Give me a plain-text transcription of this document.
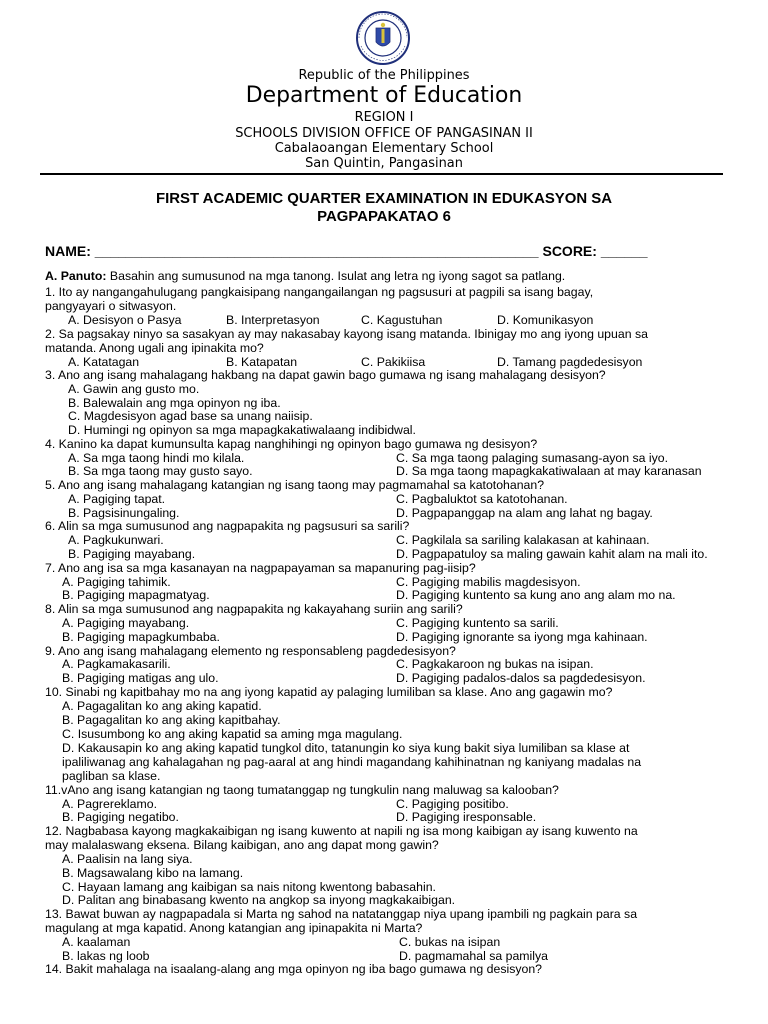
Republic of the Philippines
Department of Education
REGION I
SCHOOLS DIVISION OFFICE OF PANGASINAN II
Cabalaoangan Elementary School
San Quintin, Pangasinan
FIRST ACADEMIC QUARTER EXAMINATION IN EDUKASYON SA
PAGPAPAKATAO 6
NAME: _________________________________________________________ SCORE: ______
A. Panuto: Basahin ang sumusunod na mga tanong. Isulat ang letra ng iyong sagot sa patlang.
1. Ito ay nangangahulugang pangkaisipang nangangailangan ng pagsusuri at pagpili sa isang bagay,
pangyayari o sitwasyon.
A. Desisyon o Pasya	B. Interpretasyon	C. Kagustuhan	D. Komunikasyon
2. Sa pagsakay ninyo sa sasakyan ay may nakasabay kayong isang matanda. Ibinigay mo ang iyong upuan sa
matanda. Anong ugali ang ipinakita mo?
A. Katatagan	B. Katapatan	C. Pakikiisa	D. Tamang pagdedesisyon
3. Ano ang isang mahalagang hakbang na dapat gawin bago gumawa ng isang mahalagang desisyon?
A. Gawin ang gusto mo.
B. Balewalain ang mga opinyon ng iba.
C. Magdesisyon agad base sa unang naiisip.
D. Humingi ng opinyon sa mga mapagkakatiwalaang indibidwal.
4. Kanino ka dapat kumunsulta kapag nanghihingi ng opinyon bago gumawa ng desisyon?
A. Sa mga taong hindi mo kilala.	C. Sa mga taong palaging sumasang-ayon sa iyo.
B. Sa mga taong may gusto sayo.	D. Sa mga taong mapagkakatiwalaan at may karanasan
5. Ano ang isang mahalagang katangian ng isang taong may pagmamahal sa katotohanan?
A. Pagiging tapat.	C. Pagbaluktot sa katotohanan.
B. Pagsisinungaling.	D. Pagpapanggap na alam ang lahat ng bagay.
6. Alin sa mga sumusunod ang nagpapakita ng pagsusuri sa sarili?
A. Pagkukunwari.	C. Pagkilala sa sariling kalakasan at kahinaan.
B. Pagiging mayabang.	D. Pagpapatuloy sa maling gawain kahit alam na mali ito.
7. Ano ang isa sa mga kasanayan na nagpapayaman sa mapanuring pag-iisip?
A. Pagiging tahimik.	C. Pagiging mabilis magdesisyon.
B. Pagiging mapagmatyag.	D. Pagiging kuntento sa kung ano ang alam mo na.
8. Alin sa mga sumusunod ang nagpapakita ng kakayahang suriin ang sarili?
A. Pagiging mayabang.	C. Pagiging kuntento sa sarili.
B. Pagiging mapagkumbaba.	D. Pagiging ignorante sa iyong mga kahinaan.
9. Ano ang isang mahalagang elemento ng responsableng pagdedesisyon?
A. Pagkamakasarili.	C. Pagkakaroon ng bukas na isipan.
B. Pagiging matigas ang ulo.	D. Pagiging padalos-dalos sa pagdedesisyon.
10. Sinabi ng kapitbahay mo na ang iyong kapatid ay palaging lumiliban sa klase. Ano ang gagawin mo?
A. Pagagalitan ko ang aking kapatid.
B. Pagagalitan ko ang aking kapitbahay.
C. Isusumbong ko ang aking kapatid sa aming mga magulang.
D. Kakausapin ko ang aking kapatid tungkol dito, tatanungin ko siya kung bakit siya lumiliban sa klase at
ipaliliwanag ang kahalagahan ng pag-aaral at ang hindi magandang kahihinatnan ng kaniyang madalas na
pagliban sa klase.
11.vAno ang isang katangian ng taong tumatanggap ng tungkulin nang maluwag sa kalooban?
A. Pagrereklamo.	C. Pagiging positibo.
B. Pagiging negatibo.	D. Pagiging iresponsable.
12. Nagbabasa kayong magkakaibigan ng isang kuwento at napili ng isa mong kaibigan ay isang kuwento na
may malalaswang eksena. Bilang kaibigan, ano ang dapat mong gawin?
A. Paalisin na lang siya.
B. Magsawalang kibo na lamang.
C. Hayaan lamang ang kaibigan sa nais nitong kwentong babasahin.
D. Palitan ang binabasang kwento na angkop sa inyong magkakaibigan.
13. Bawat buwan ay nagpapadala si Marta ng sahod na natatanggap niya upang ipambili ng pagkain para sa
magulang at mga kapatid. Anong katangian ang ipinapakita ni Marta?
A. kaalaman	C. bukas na isipan
B. lakas ng loob	D. pagmamahal sa pamilya
14. Bakit mahalaga na isaalang-alang ang mga opinyon ng iba bago gumawa ng desisyon?
